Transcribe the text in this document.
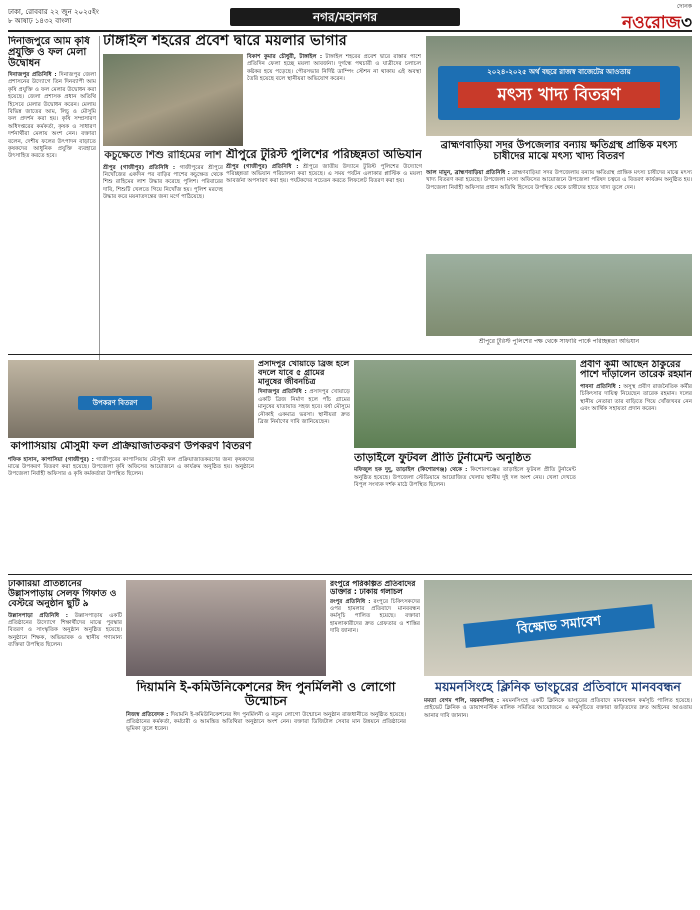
ঢাকা, রোববার ২২ জুন ২০২৫ইং
৮ আষাঢ় ১৪৩২ বাংলা	নগর/মহানগর
দৈনিক
নওরোজ৩
দিনাজপুরে আম কৃষি প্রযুক্তি ও ফল মেলা উদ্বোধন
দিনাজপুর প্রতিনিধি : দিনাজপুর জেলা প্রশাসনের উদ্যোগে তিন দিনব্যাপী আম কৃষি প্রযুক্তি ও ফল মেলার উদ্বোধন করা হয়েছে। জেলা প্রশাসক প্রধান অতিথি হিসেবে মেলার উদ্বোধন করেন। মেলায় বিভিন্ন জাতের আম, লিচু ও মৌসুমি ফল প্রদর্শন করা হয়। কৃষি সম্প্রসারণ অধিদপ্তরের কর্মকর্তা, কৃষক ও সাধারণ দর্শনার্থীরা মেলায় অংশ নেন। বক্তারা বলেন, দেশীয় ফলের উৎপাদন বাড়াতে কৃষকদের আধুনিক প্রযুক্তি ব্যবহারে উৎসাহিত করতে হবে।
টাঙ্গাইল শহরের প্রবেশ দ্বারে ময়লার ভাগার
বিকাশ কুমার চৌধুরী, টাঙ্গাইল : টাঙ্গাইল শহরের প্রবেশ দ্বারে রাস্তার পাশে প্রতিদিন ফেলা হচ্ছে ময়লা আবর্জনা। দুর্গন্ধে পথচারী ও যাত্রীদের চলাচল কষ্টকর হয়ে পড়েছে। পৌরসভার নির্দিষ্ট ডাম্পিং স্টেশন না থাকায় এই অবস্থা তৈরি হয়েছে বলে স্থানীয়রা অভিযোগ করেন।
২০২৪-২০২৫ অর্থ বছরে রাজস্ব বাজেটের আওতায়
মৎস্য খাদ্য বিতরণ
ব্রাহ্মণবাড়িয়া সদর উপজেলার বন্যায় ক্ষতিগ্রস্থ প্রান্তিক মৎস্য চাষীদের মাঝে মৎস্য খাদ্য বিতরণ
আল মামুন, ব্রাহ্মণবাড়িয়া প্রতিনিধি : ব্রাহ্মণবাড়িয়া সদর উপজেলায় বন্যায় ক্ষতিগ্রস্থ প্রান্তিক মৎস্য চাষীদের মাঝে মৎস্য খাদ্য বিতরণ করা হয়েছে। উপজেলা মৎস্য অফিসের আয়োজনে উপজেলা পরিষদ চত্বরে এ বিতরণ কার্যক্রম অনুষ্ঠিত হয়। উপজেলা নির্বাহী অফিসার প্রধান অতিথি হিসেবে উপস্থিত থেকে চাষীদের হাতে খাদ্য তুলে দেন।
কচুক্ষেতে শিশু রাহিমের লাশ
শ্রীপুর (গাজীপুর) প্রতিনিধি : গাজীপুরের শ্রীপুরে নিখোঁজের একদিন পর বাড়ির পাশের কচুক্ষেত থেকে শিশু রাহিমের লাশ উদ্ধার করেছে পুলিশ। পরিবারের দাবি, শিশুটি খেলতে গিয়ে নিখোঁজ হয়। পুলিশ মরদেহ উদ্ধার করে ময়নাতদন্তের জন্য মর্গে পাঠিয়েছে।
শ্রীপুরে টুরিস্ট পুলিশের পরিচ্ছন্নতা অভিযান
শ্রীপুর (গাজীপুর) প্রতিনিধি : শ্রীপুরে জাতীয় উদ্যানে টুরিস্ট পুলিশের উদ্যোগে পরিচ্ছন্নতা অভিযান পরিচালনা করা হয়েছে। এ সময় পর্যটন এলাকার প্লাস্টিক ও ময়লা আবর্জনা অপসারণ করা হয়। পর্যটকদের সচেতন করতে লিফলেট বিতরণ করা হয়।
শ্রীপুরে টুরিস্ট পুলিশের পক্ষ থেকে সাফারি পার্কে পরিচ্ছন্নতা অভিযান
উপকরণ বিতরণ
কাপাসিয়ায় মৌসুমী ফল প্রক্রিয়াজাতকরণ উপকরণ বিতরণ
শফিক হাসান, কাপাসিয়া (গাজীপুর) : গাজীপুরের কাপাসিয়ায় মৌসুমী ফল প্রক্রিয়াজাতকরণের জন্য কৃষকদের মাঝে উপকরণ বিতরণ করা হয়েছে। উপজেলা কৃষি অফিসের আয়োজনে এ কার্যক্রম অনুষ্ঠিত হয়। অনুষ্ঠানে উপজেলা নির্বাহী অফিসার ও কৃষি কর্মকর্তারা উপস্থিত ছিলেন।
প্রসাদপুর খোয়াড়ে ব্রিজ হলে বদলে যাবে ৫ গ্রামের মানুষের জীবনচিত্র
দিনাজপুর প্রতিনিধি : প্রসাদপুর খোয়াড়ে একটি ব্রিজ নির্মাণ হলে পাঁচ গ্রামের মানুষের যাতায়াত সহজ হবে। বর্ষা মৌসুমে নৌকাই একমাত্র ভরসা। স্থানীয়রা দ্রুত ব্রিজ নির্মাণের দাবি জানিয়েছেন।
তাড়াইলে ফুটবল প্রীতি টুর্নামেন্ট অনুষ্ঠিত
মফিজুল হক দুদু, তাড়াইল (কিশোরগঞ্জ) থেকে : কিশোরগঞ্জের তাড়াইলে ফুটবল প্রীতি টুর্নামেন্ট অনুষ্ঠিত হয়েছে। উপজেলা স্টেডিয়ামে আয়োজিত খেলায় স্থানীয় দুই দল অংশ নেয়। খেলা দেখতে বিপুল সংখ্যক দর্শক মাঠে উপস্থিত ছিলেন।
প্রবীণ কর্মী আছেন ঠাকুরের পাশে দাঁড়ালেন তারেক রহমান
পাবনা প্রতিনিধি : অসুস্থ প্রবীণ রাজনৈতিক কর্মীর চিকিৎসার দায়িত্ব নিয়েছেন তারেক রহমান। দলের স্থানীয় নেতারা তার বাড়িতে গিয়ে খোঁজখবর নেন এবং আর্থিক সহায়তা প্রদান করেন।
ঢাকারিয়া প্রতিষ্ঠানের উল্লাসপাড়ায় সেলফ গিফাত ও বেস্টরে অনুষ্ঠান ছুটি ৯
উল্লাসপাড়া প্রতিনিধি : উল্লাসপাড়ায় একটি প্রতিষ্ঠানের উদ্যোগে শিক্ষার্থীদের মাঝে পুরস্কার বিতরণ ও সাংস্কৃতিক অনুষ্ঠান অনুষ্ঠিত হয়েছে। অনুষ্ঠানে শিক্ষক, অভিভাবক ও স্থানীয় গণ্যমান্য ব্যক্তিরা উপস্থিত ছিলেন।
দিয়ামনি ই-কমিউনিকেশনের ঈদ পুনর্মিলনী ও লোগো উন্মোচন
নিজস্ব প্রতিবেদক : দিয়ামনি ই-কমিউনিকেশনের ঈদ পুনর্মিলনী ও নতুন লোগো উন্মোচন অনুষ্ঠান রাজধানীতে অনুষ্ঠিত হয়েছে। প্রতিষ্ঠানের কর্মকর্তা, কর্মচারী ও আমন্ত্রিত অতিথিরা অনুষ্ঠানে অংশ নেন। বক্তারা ডিজিটাল সেবার মান উন্নয়নে প্রতিষ্ঠানের ভূমিকা তুলে ধরেন।
রংপুরে পরিকল্পিত প্রতিবাদের ডাক্তার : ঢাকায় গলাচল
রংপুর প্রতিনিধি : রংপুরে চিকিৎসকদের ওপর হামলার প্রতিবাদে মানববন্ধন কর্মসূচি পালিত হয়েছে। বক্তারা হামলাকারীদের দ্রুত গ্রেফতার ও শাস্তির দাবি জানান।	বিক্ষোভ সমাবেশ
ময়মনসিংহে ক্লিনিক ভাংচুরের প্রতিবাদে মানববন্ধন
মমতা বেগম পলি, ময়মনসিংহ : ময়মনসিংহে একটি ক্লিনিকে ভাংচুরের প্রতিবাদে মানববন্ধন কর্মসূচি পালিত হয়েছে। প্রাইভেট ক্লিনিক ও ডায়াগনস্টিক মালিক সমিতির আয়োজনে এ কর্মসূচিতে বক্তারা জড়িতদের দ্রুত আইনের আওতায় আনার দাবি জানান।
